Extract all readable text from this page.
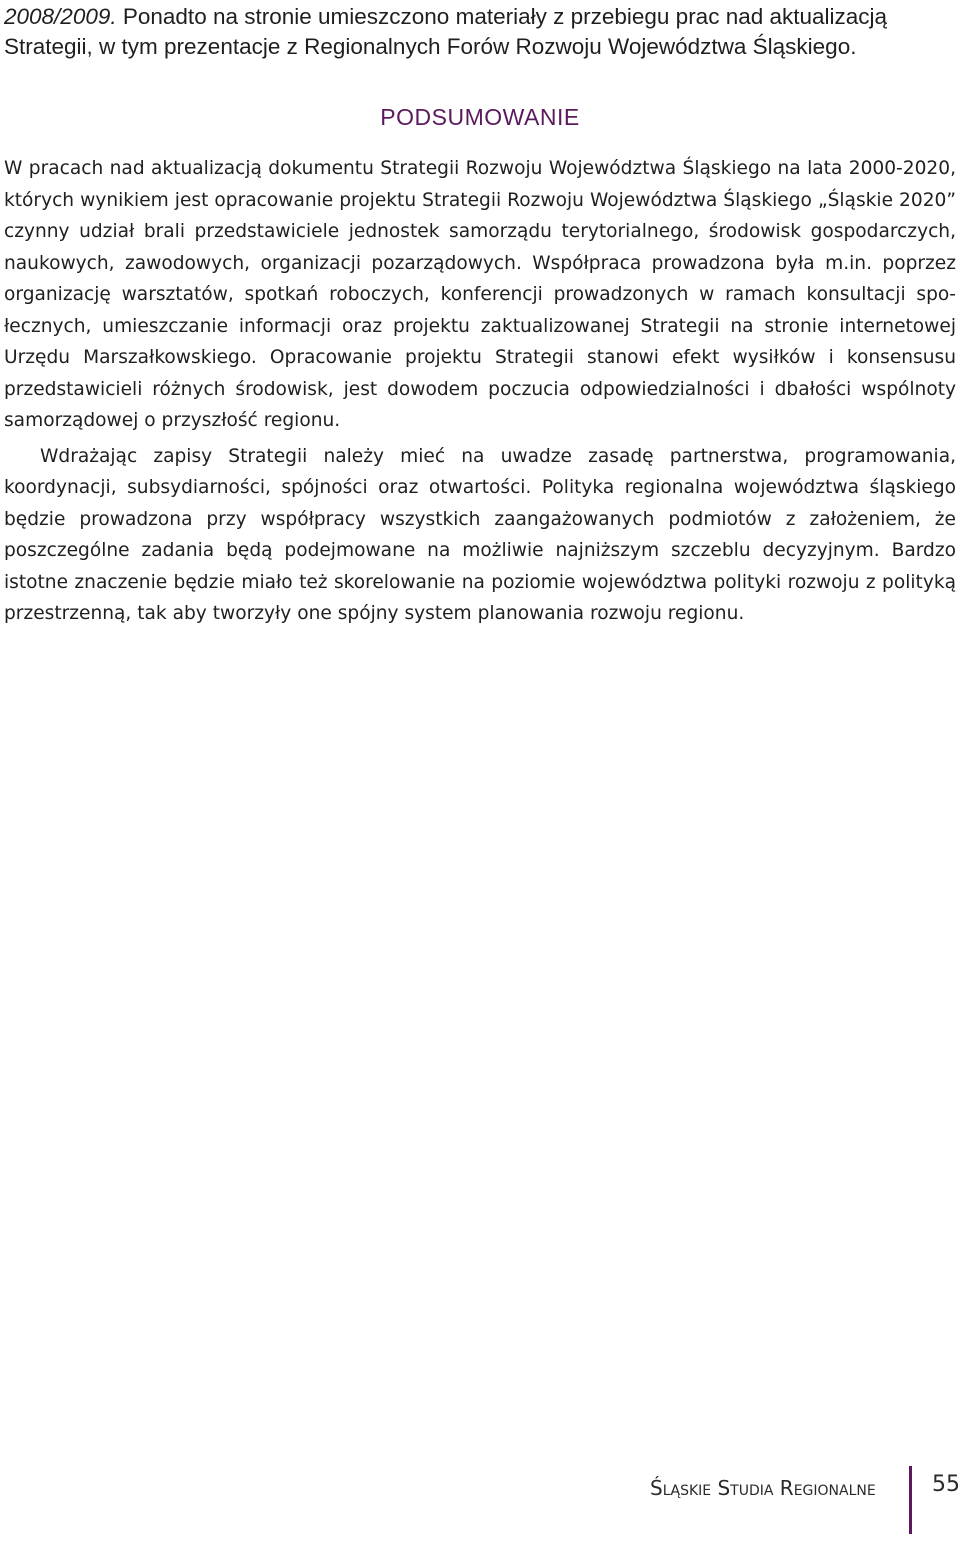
2008/2009. Ponadto na stronie umieszczono materiały z przebiegu prac nad aktualizacją Strategii, w tym prezentacje z Regionalnych Forów Rozwoju Województwa Śląskiego.

PODSUMOWANIE

W pracach nad aktualizacją dokumentu Strategii Rozwoju Województwa Śląskiego na lata 2000-2020, których wynikiem jest opracowanie projektu Strategii Rozwoju Województwa Śląskiego „Śląskie 2020” czynny udział brali przedstawiciele jednostek samorządu terytorialnego, środowisk gospodarczych, naukowych, zawodowych, organizacji pozarządowych. Współpraca prowadzona była m.in. poprzez organizację warsztatów, spotkań roboczych, konferencji prowadzonych w ramach konsultacji społecznych, umieszczanie informacji oraz projektu zaktualizowanej Strategii na stronie internetowej Urzędu Marszałkowskiego. Opracowanie projektu Strategii stanowi efekt wysiłków i konsensusu przedstawicieli różnych środowisk, jest dowodem poczucia odpowiedzialności i dbałości wspólnoty samorządowej o przyszłość regionu.

Wdrażając zapisy Strategii należy mieć na uwadze zasadę partnerstwa, programowania, koordynacji, subsydiarności, spójności oraz otwartości. Polityka regionalna województwa śląskiego będzie prowadzona przy współpracy wszystkich zaangażowanych podmiotów z założeniem, że poszczególne zadania będą podejmowane na możliwie najniższym szczeblu decyzyjnym. Bardzo istotne znaczenie będzie miało też skorelowanie na poziomie województwa polityki rozwoju z polityką przestrzenną, tak aby tworzyły one spójny system planowania rozwoju regionu.

Śląskie Studia Regionalne	55
